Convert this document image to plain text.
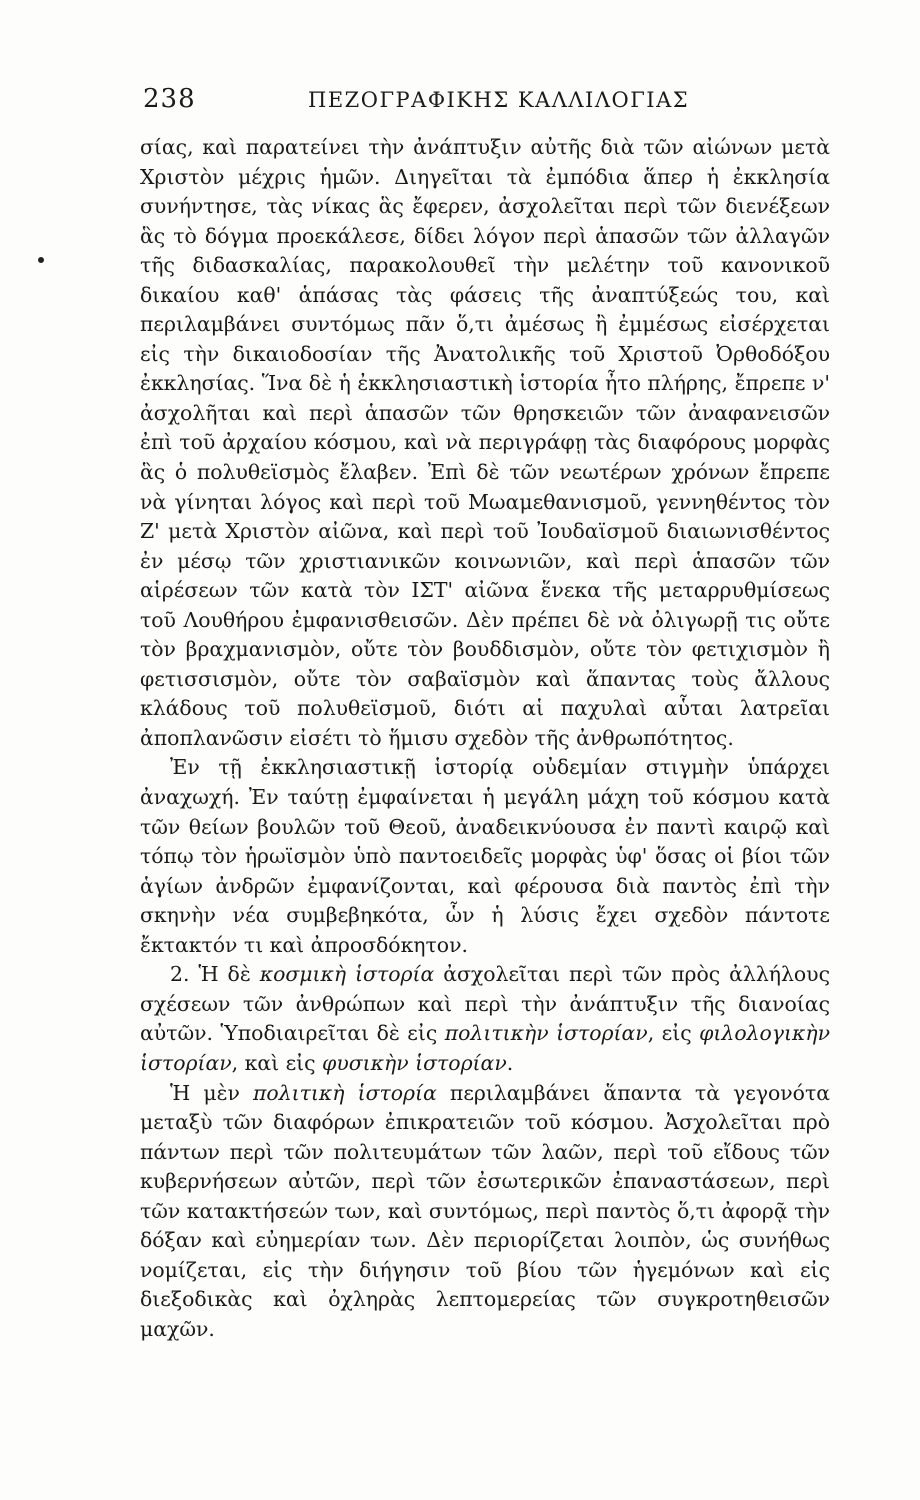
238	ΠΕΖΟΓΡΑΦΙΚΗΣ ΚΑΛΛΙΛΟΓΙΑΣ

σίας, καὶ παρατείνει τὴν ἀνάπτυξιν αὐτῆς διὰ τῶν αἰώνων μετὰ Χριστὸν μέχρις ἡμῶν. Διηγεῖται τὰ ἐμπόδια ἅπερ ἡ ἐκκλησία συνήντησε, τὰς νίκας ἃς ἔφερεν, ἀσχολεῖται περὶ τῶν διενέξεων ἃς τὸ δόγμα προεκάλεσε, δίδει λόγον περὶ ἁπασῶν τῶν ἀλλαγῶν τῆς διδασκαλίας, παρακολουθεῖ τὴν μελέτην τοῦ κανονικοῦ δικαίου καθ' ἁπάσας τὰς φάσεις τῆς ἀναπτύξεώς του, καὶ περιλαμβάνει συντόμως πᾶν ὅ,τι ἀμέσως ἢ ἐμμέσως εἰσέρχεται εἰς τὴν δικαιοδοσίαν τῆς Ἀνατολικῆς τοῦ Χριστοῦ Ὀρθοδόξου ἐκκλησίας. Ἵνα δὲ ἡ ἐκκλησιαστικὴ ἱστορία ἦτο πλήρης, ἔπρεπε ν' ἀσχολῆται καὶ περὶ ἁπασῶν τῶν θρησκειῶν τῶν ἀναφανεισῶν ἐπὶ τοῦ ἀρχαίου κόσμου, καὶ νὰ περιγράφῃ τὰς διαφόρους μορφὰς ἃς ὁ πολυθεϊσμὸς ἔλαβεν. Ἐπὶ δὲ τῶν νεωτέρων χρόνων ἔπρεπε νὰ γίνηται λόγος καὶ περὶ τοῦ Μωαμεθανισμοῦ, γεννηθέντος τὸν Ζ' μετὰ Χριστὸν αἰῶνα, καὶ περὶ τοῦ Ἰουδαϊσμοῦ διαιωνισθέντος ἐν μέσῳ τῶν χριστιανικῶν κοινωνιῶν, καὶ περὶ ἁπασῶν τῶν αἱρέσεων τῶν κατὰ τὸν ΙΣΤ' αἰῶνα ἕνεκα τῆς μεταρρυθμίσεως τοῦ Λουθήρου ἐμφανισθεισῶν. Δὲν πρέπει δὲ νὰ ὀλιγωρῇ τις οὔτε τὸν βραχμανισμὸν, οὔτε τὸν βουδδισμὸν, οὔτε τὸν φετιχισμὸν ἢ φετισσισμὸν, οὔτε τὸν σαβαϊσμὸν καὶ ἅπαντας τοὺς ἄλλους κλάδους τοῦ πολυθεϊσμοῦ, διότι αἱ παχυλαὶ αὗται λατρεῖαι ἀποπλανῶσιν εἰσέτι τὸ ἥμισυ σχεδὸν τῆς ἀνθρωπότητος.

Ἐν τῇ ἐκκλησιαστικῇ ἱστορίᾳ οὐδεμίαν στιγμὴν ὑπάρχει ἀναχωχή. Ἐν ταύτῃ ἐμφαίνεται ἡ μεγάλη μάχη τοῦ κόσμου κατὰ τῶν θείων βουλῶν τοῦ Θεοῦ, ἀναδεικνύουσα ἐν παντὶ καιρῷ καὶ τόπῳ τὸν ἡρωϊσμὸν ὑπὸ παντοειδεῖς μορφὰς ὑφ' ὅσας οἱ βίοι τῶν ἁγίων ἀνδρῶν ἐμφανίζονται, καὶ φέρουσα διὰ παντὸς ἐπὶ τὴν σκηνὴν νέα συμβεβηκότα, ὧν ἡ λύσις ἔχει σχεδὸν πάντοτε ἔκτακτόν τι καὶ ἀπροσδόκητον.

2. Ἡ δὲ κοσμικὴ ἱστορία ἀσχολεῖται περὶ τῶν πρὸς ἀλλήλους σχέσεων τῶν ἀνθρώπων καὶ περὶ τὴν ἀνάπτυξιν τῆς διανοίας αὐτῶν. Ὑποδιαιρεῖται δὲ εἰς πολιτικὴν ἱστορίαν, εἰς φιλολογικὴν ἱστορίαν, καὶ εἰς φυσικὴν ἱστορίαν.

Ἡ μὲν πολιτικὴ ἱστορία περιλαμβάνει ἅπαντα τὰ γεγονότα μεταξὺ τῶν διαφόρων ἐπικρατειῶν τοῦ κόσμου. Ἀσχολεῖται πρὸ πάντων περὶ τῶν πολιτευμάτων τῶν λαῶν, περὶ τοῦ εἴδους τῶν κυβερνήσεων αὐτῶν, περὶ τῶν ἐσωτερικῶν ἐπαναστάσεων, περὶ τῶν κατακτήσεών των, καὶ συντόμως, περὶ παντὸς ὅ,τι ἀφορᾷ τὴν δόξαν καὶ εὐημερίαν των. Δὲν περιορίζεται λοιπὸν, ὡς συνήθως νομίζεται, εἰς τὴν διήγησιν τοῦ βίου τῶν ἡγεμόνων καὶ εἰς διεξοδικὰς καὶ ὀχληρὰς λεπτομερείας τῶν συγκροτηθεισῶν μαχῶν.
